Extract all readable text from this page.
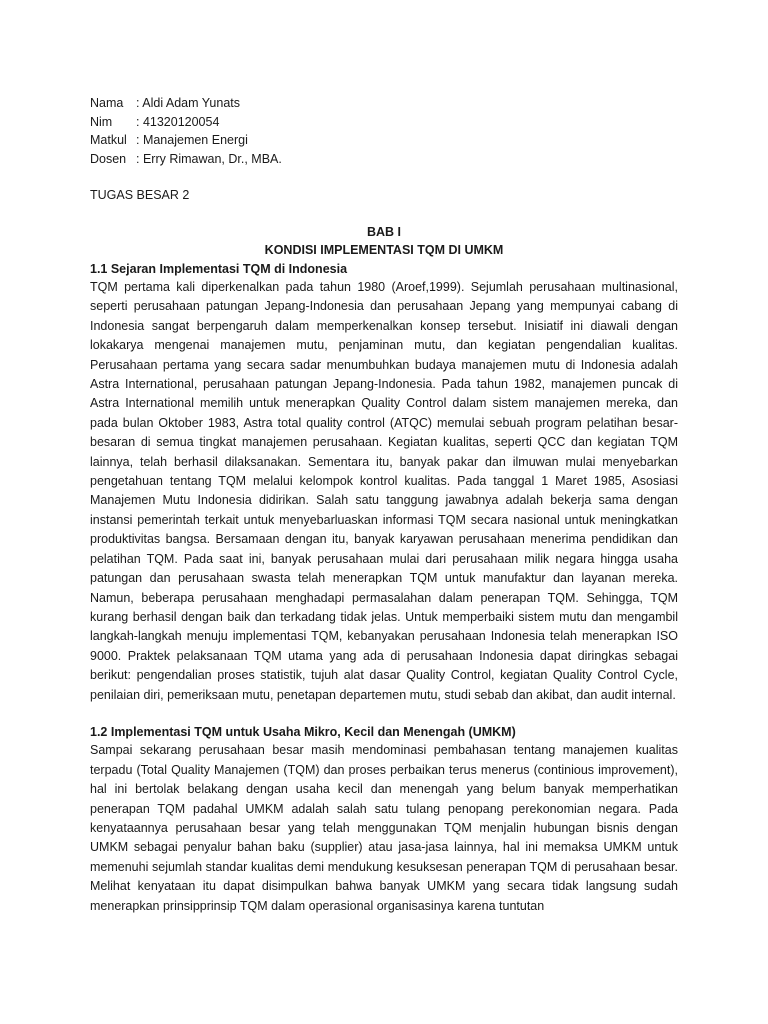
Nama	: Aldi Adam Yunats
Nim	: 41320120054
Matkul : Manajemen Energi
Dosen : Erry Rimawan, Dr., MBA.
TUGAS BESAR 2
BAB I
KONDISI IMPLEMENTASI TQM DI UMKM
1.1 Sejaran Implementasi TQM di Indonesia
TQM pertama kali diperkenalkan pada tahun 1980 (Aroef,1999). Sejumlah perusahaan multinasional, seperti perusahaan patungan Jepang-Indonesia dan perusahaan Jepang yang mempunyai cabang di Indonesia sangat berpengaruh dalam memperkenalkan konsep tersebut. Inisiatif ini diawali dengan lokakarya mengenai manajemen mutu, penjaminan mutu, dan kegiatan pengendalian kualitas. Perusahaan pertama yang secara sadar menumbuhkan budaya manajemen mutu di Indonesia adalah Astra International, perusahaan patungan Jepang-Indonesia. Pada tahun 1982, manajemen puncak di Astra International memilih untuk menerapkan Quality Control dalam sistem manajemen mereka, dan pada bulan Oktober 1983, Astra total quality control (ATQC) memulai sebuah program pelatihan besar-besaran di semua tingkat manajemen perusahaan. Kegiatan kualitas, seperti QCC dan kegiatan TQM lainnya, telah berhasil dilaksanakan. Sementara itu, banyak pakar dan ilmuwan mulai menyebarkan pengetahuan tentang TQM melalui kelompok kontrol kualitas. Pada tanggal 1 Maret 1985, Asosiasi Manajemen Mutu Indonesia didirikan. Salah satu tanggung jawabnya adalah bekerja sama dengan instansi pemerintah terkait untuk menyebarluaskan informasi TQM secara nasional untuk meningkatkan produktivitas bangsa. Bersamaan dengan itu, banyak karyawan perusahaan menerima pendidikan dan pelatihan TQM. Pada saat ini, banyak perusahaan mulai dari perusahaan milik negara hingga usaha patungan dan perusahaan swasta telah menerapkan TQM untuk manufaktur dan layanan mereka. Namun, beberapa perusahaan menghadapi permasalahan dalam penerapan TQM. Sehingga, TQM kurang berhasil dengan baik dan terkadang tidak jelas. Untuk memperbaiki sistem mutu dan mengambil langkah-langkah menuju implementasi TQM, kebanyakan perusahaan Indonesia telah menerapkan ISO 9000. Praktek pelaksanaan TQM utama yang ada di perusahaan Indonesia dapat diringkas sebagai berikut: pengendalian proses statistik, tujuh alat dasar Quality Control, kegiatan Quality Control Cycle, penilaian diri, pemeriksaan mutu, penetapan departemen mutu, studi sebab dan akibat, dan audit internal.
1.2 Implementasi TQM untuk Usaha Mikro, Kecil dan Menengah (UMKM)
Sampai sekarang perusahaan besar masih mendominasi pembahasan tentang manajemen kualitas terpadu (Total Quality Manajemen (TQM) dan proses perbaikan terus menerus (continious improvement), hal ini bertolak belakang dengan usaha kecil dan menengah yang belum banyak memperhatikan penerapan TQM padahal UMKM adalah salah satu tulang penopang perekonomian negara. Pada kenyataannya perusahaan besar yang telah menggunakan TQM menjalin hubungan bisnis dengan UMKM sebagai penyalur bahan baku (supplier) atau jasa-jasa lainnya, hal ini memaksa UMKM untuk memenuhi sejumlah standar kualitas demi mendukung kesuksesan penerapan TQM di perusahaan besar. Melihat kenyataan itu dapat disimpulkan bahwa banyak UMKM yang secara tidak langsung sudah menerapkan prinsipprinsip TQM dalam operasional organisasinya karena tuntutan
